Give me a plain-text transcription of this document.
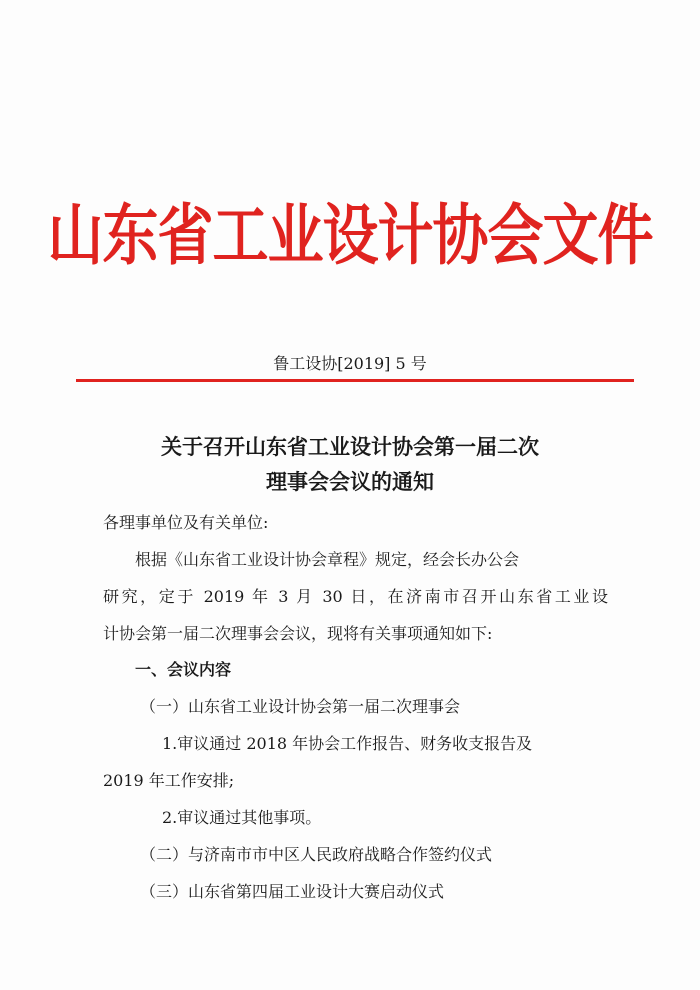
山东省工业设计协会文件
鲁工设协[2019] 5 号
关于召开山东省工业设计协会第一届二次
理事会会议的通知
各理事单位及有关单位:
根据《山东省工业设计协会章程》规定，经会长办公会
研究，定于 2019 年 3 月 30 日，在济南市召开山东省工业设
计协会第一届二次理事会会议，现将有关事项通知如下:
一、会议内容
（一）山东省工业设计协会第一届二次理事会
1.审议通过 2018 年协会工作报告、财务收支报告及
2019 年工作安排;
2.审议通过其他事项。
（二）与济南市市中区人民政府战略合作签约仪式
（三）山东省第四届工业设计大赛启动仪式
